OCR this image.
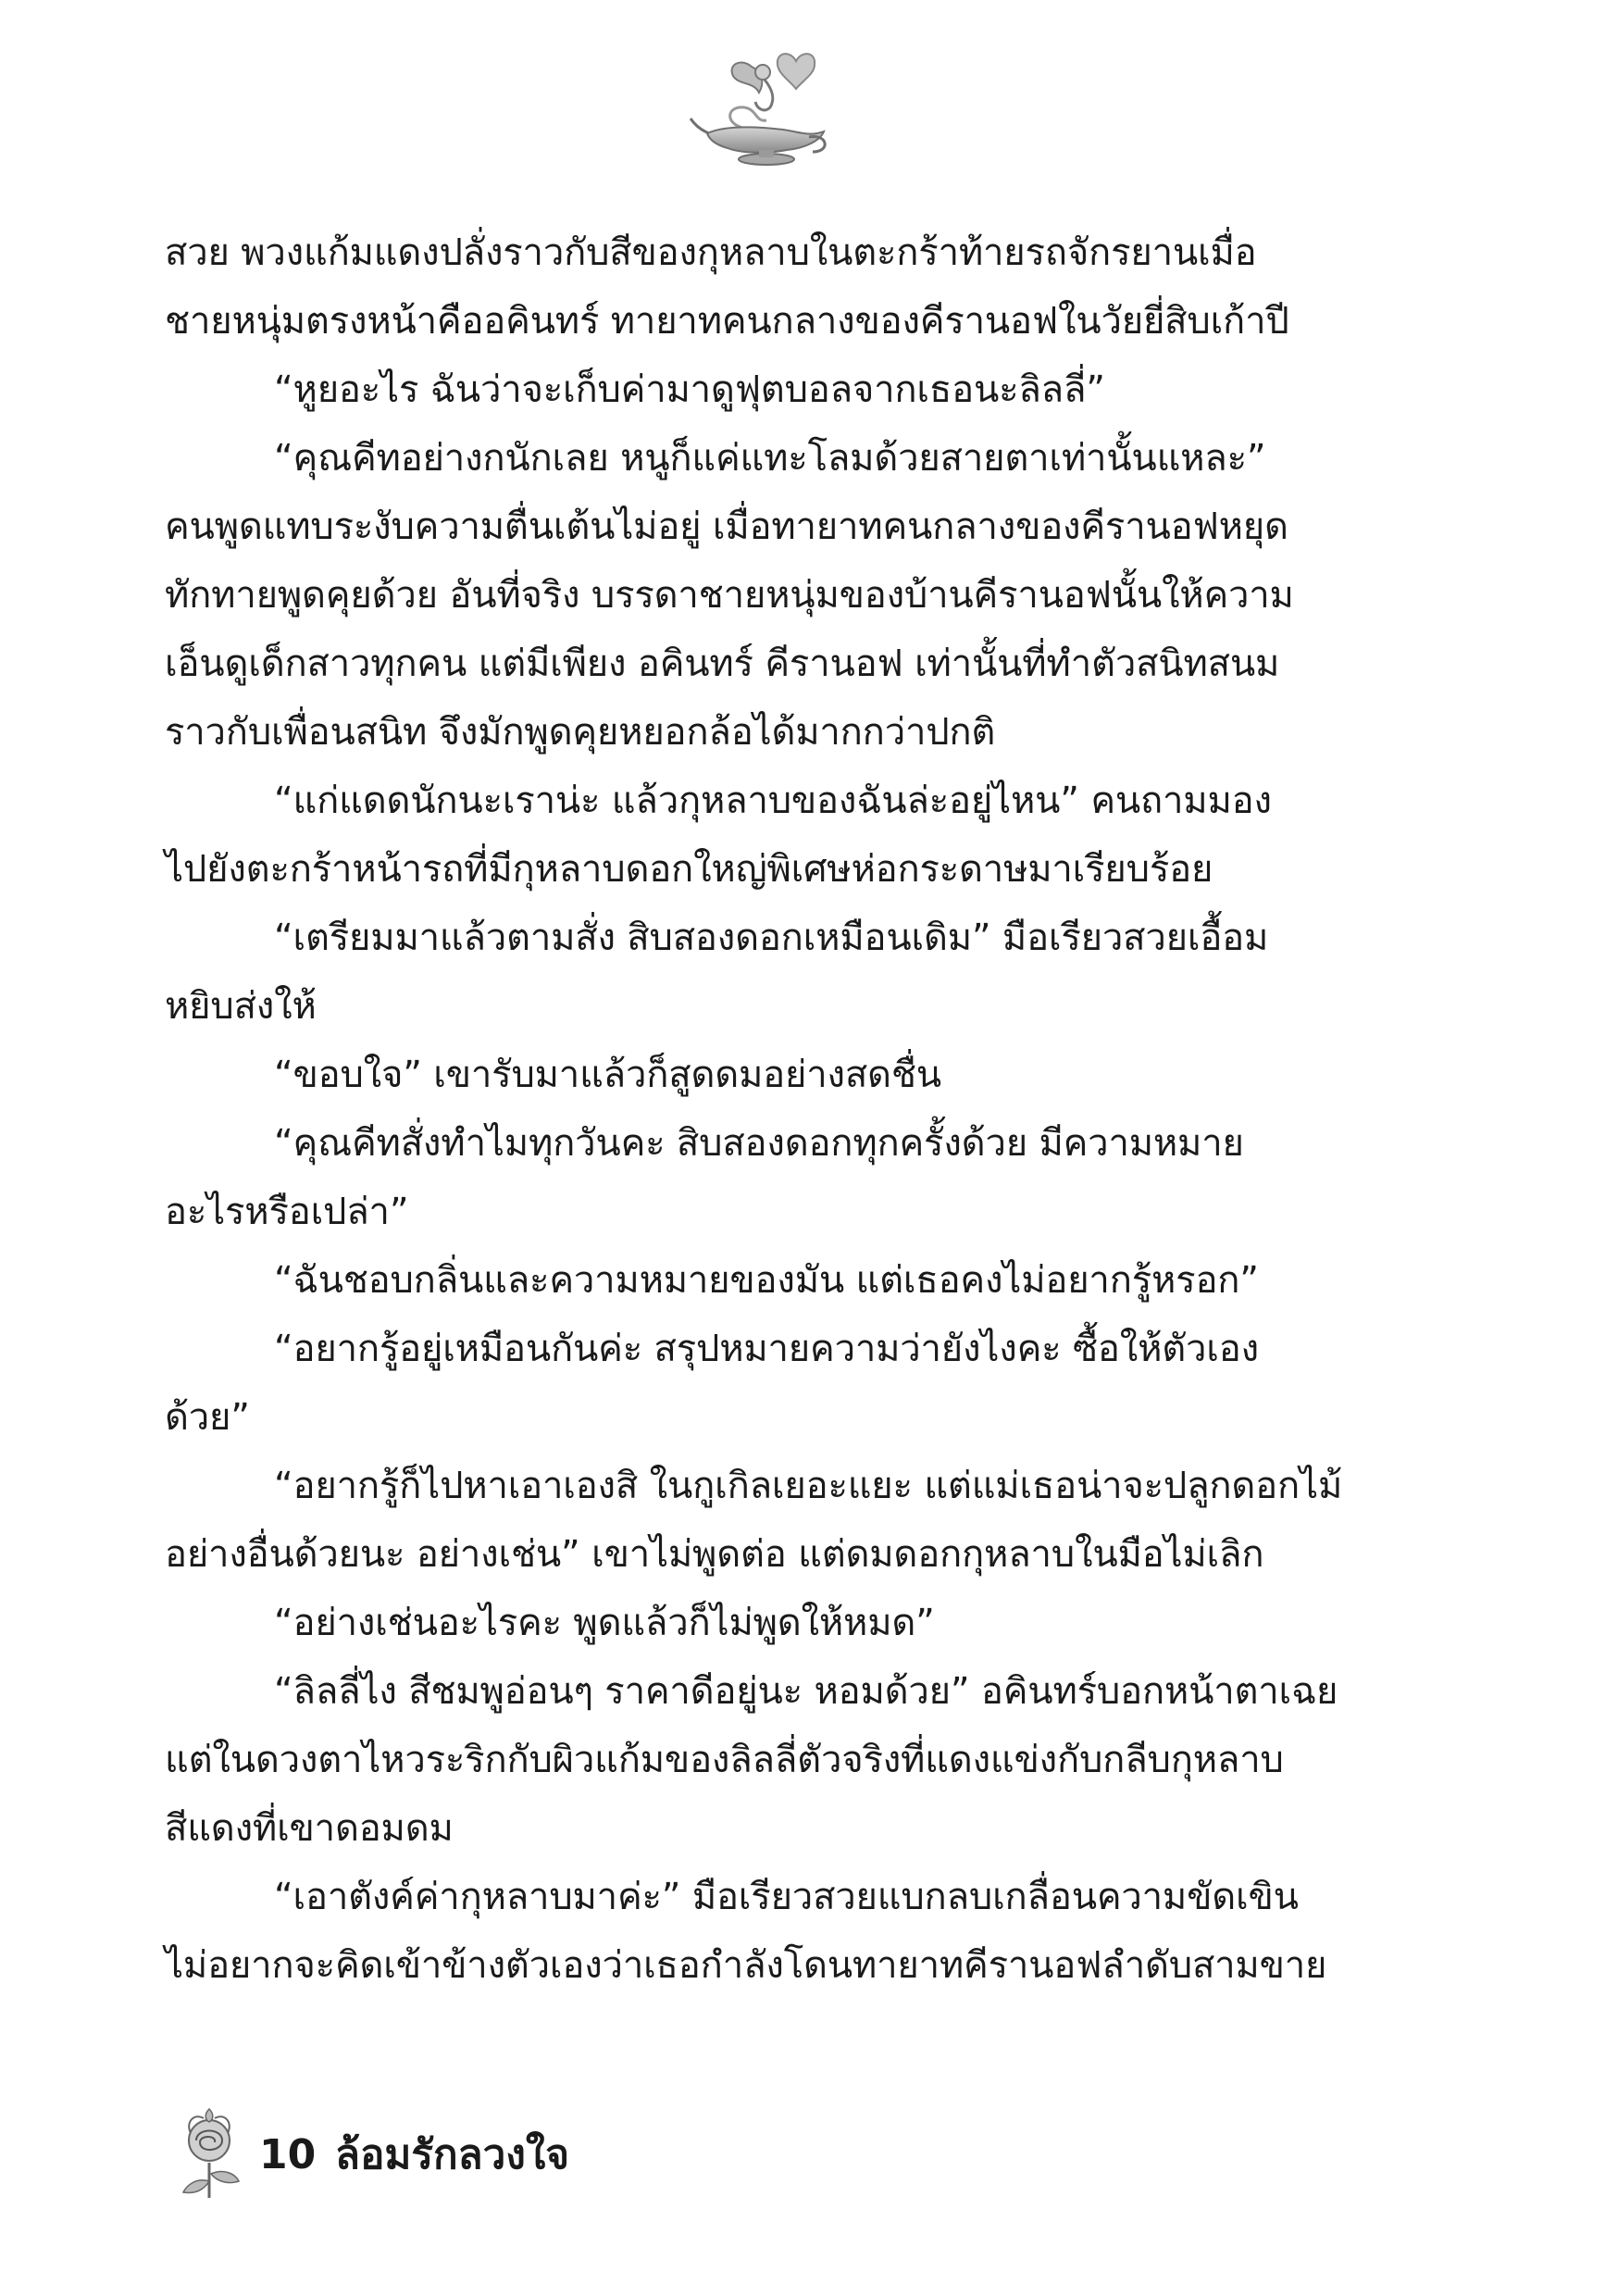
สวย พวงแก้มแดงปลั่งราวกับสีของกุหลาบในตะกร้าท้ายรถจักรยานเมื่อ
ชายหนุ่มตรงหน้าคืออคินทร์ ทายาทคนกลางของคีรานอฟในวัยยี่สิบเก้าปี
“หูยอะไร ฉันว่าจะเก็บค่ามาดูฟุตบอลจากเธอนะลิลลี่”
“คุณคีทอย่างกนักเลย หนูก็แค่แทะโลมด้วยสายตาเท่านั้นแหละ”
คนพูดแทบระงับความตื่นเต้นไม่อยู่ เมื่อทายาทคนกลางของคีรานอฟหยุด
ทักทายพูดคุยด้วย อันที่จริง บรรดาชายหนุ่มของบ้านคีรานอฟนั้นให้ความ
เอ็นดูเด็กสาวทุกคน แต่มีเพียง อคินทร์ คีรานอฟ เท่านั้นที่ทำตัวสนิทสนม
ราวกับเพื่อนสนิท จึงมักพูดคุยหยอกล้อได้มากกว่าปกติ
“แก่แดดนักนะเราน่ะ แล้วกุหลาบของฉันล่ะอยู่ไหน” คนถามมอง
ไปยังตะกร้าหน้ารถที่มีกุหลาบดอกใหญ่พิเศษห่อกระดาษมาเรียบร้อย
“เตรียมมาแล้วตามสั่ง สิบสองดอกเหมือนเดิม” มือเรียวสวยเอื้อม
หยิบส่งให้
“ขอบใจ” เขารับมาแล้วก็สูดดมอย่างสดชื่น
“คุณคีทสั่งทำไมทุกวันคะ สิบสองดอกทุกครั้งด้วย มีความหมาย
อะไรหรือเปล่า”
“ฉันชอบกลิ่นและความหมายของมัน แต่เธอคงไม่อยากรู้หรอก”
“อยากรู้อยู่เหมือนกันค่ะ สรุปหมายความว่ายังไงคะ ซื้อให้ตัวเอง
ด้วย”
“อยากรู้ก็ไปหาเอาเองสิ ในกูเกิลเยอะแยะ แต่แม่เธอน่าจะปลูกดอกไม้
อย่างอื่นด้วยนะ อย่างเช่น” เขาไม่พูดต่อ แต่ดมดอกกุหลาบในมือไม่เลิก
“อย่างเช่นอะไรคะ พูดแล้วก็ไม่พูดให้หมด”
“ลิลลี่ไง สีชมพูอ่อนๆ ราคาดีอยู่นะ หอมด้วย” อคินทร์บอกหน้าตาเฉย
แต่ในดวงตาไหวระริกกับผิวแก้มของลิลลี่ตัวจริงที่แดงแข่งกับกลีบกุหลาบ
สีแดงที่เขาดอมดม
“เอาตังค์ค่ากุหลาบมาค่ะ” มือเรียวสวยแบกลบเกลื่อนความขัดเขิน
ไม่อยากจะคิดเข้าข้างตัวเองว่าเธอกำลังโดนทายาทคีรานอฟลำดับสามขาย
10 ล้อมรักลวงใจ
